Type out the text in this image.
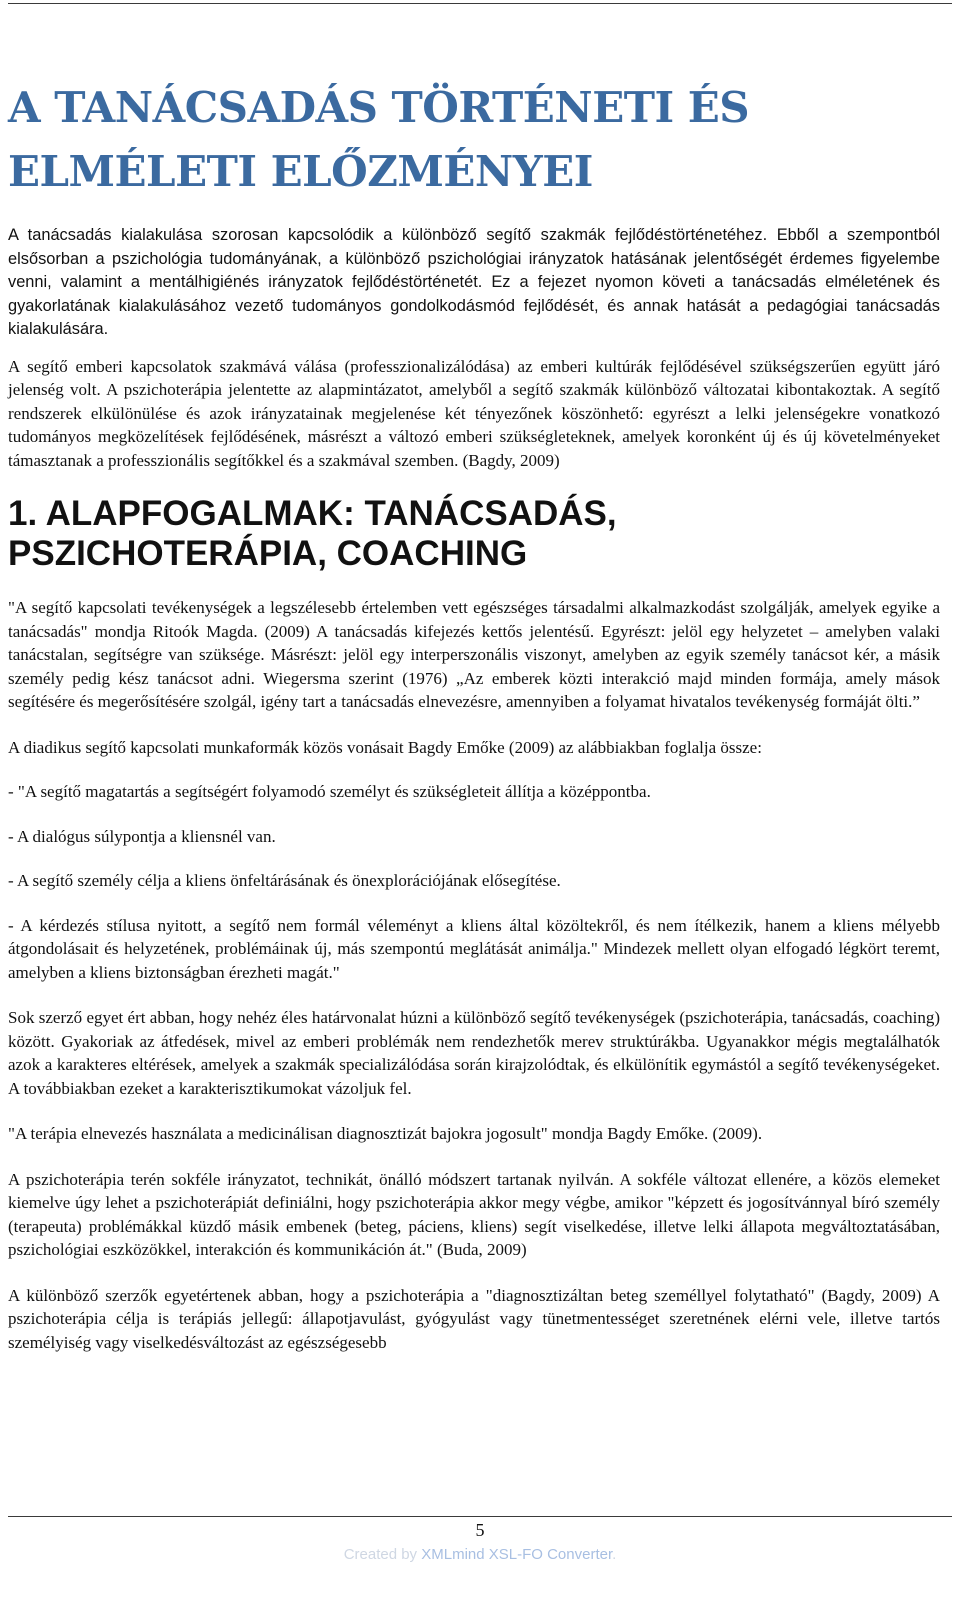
A TANÁCSADÁS TÖRTÉNETI ÉS
ELMÉLETI ELŐZMÉNYEI

A tanácsadás kialakulása szorosan kapcsolódik a különböző segítő szakmák fejlődéstörténetéhez. Ebből a szempontból elsősorban a pszichológia tudományának, a különböző pszichológiai irányzatok hatásának jelentőségét érdemes figyelembe venni, valamint a mentálhigiénés irányzatok fejlődéstörténetét. Ez a fejezet nyomon követi a tanácsadás elméletének és gyakorlatának kialakulásához vezető tudományos gondolkodásmód fejlődését, és annak hatását a pedagógiai tanácsadás kialakulására.

A segítő emberi kapcsolatok szakmává válása (professzionalizálódása) az emberi kultúrák fejlődésével szükségszerűen együtt járó jelenség volt. A pszichoterápia jelentette az alapmintázatot, amelyből a segítő szakmák különböző változatai kibontakoztak. A segítő rendszerek elkülönülése és azok irányzatainak megjelenése két tényezőnek köszönhető: egyrészt a lelki jelenségekre vonatkozó tudományos megközelítések fejlődésének, másrészt a változó emberi szükségleteknek, amelyek koronként új és új követelményeket támasztanak a professzionális segítőkkel és a szakmával szemben. (Bagdy, 2009)

1. ALAPFOGALMAK: TANÁCSADÁS,
PSZICHOTERÁPIA, COACHING

"A segítő kapcsolati tevékenységek a legszélesebb értelemben vett egészséges társadalmi alkalmazkodást szolgálják, amelyek egyike a tanácsadás" mondja Ritoók Magda. (2009) A tanácsadás kifejezés kettős jelentésű. Egyrészt: jelöl egy helyzetet – amelyben valaki tanácstalan, segítségre van szüksége. Másrészt: jelöl egy interperszonális viszonyt, amelyben az egyik személy tanácsot kér, a másik személy pedig kész tanácsot adni. Wiegersma szerint (1976) „Az emberek közti interakció majd minden formája, amely mások segítésére és megerősítésére szolgál, igény tart a tanácsadás elnevezésre, amennyiben a folyamat hivatalos tevékenység formáját ölti.”

A diadikus segítő kapcsolati munkaformák közös vonásait Bagdy Emőke (2009) az alábbiakban foglalja össze:

- "A segítő magatartás a segítségért folyamodó személyt és szükségleteit állítja a középpontba.

- A dialógus súlypontja a kliensnél van.

- A segítő személy célja a kliens önfeltárásának és önexplorációjának elősegítése.

- A kérdezés stílusa nyitott, a segítő nem formál véleményt a kliens által közöltekről, és nem ítélkezik, hanem a kliens mélyebb átgondolásait és helyzetének, problémáinak új, más szempontú meglátását animálja." Mindezek mellett olyan elfogadó légkört teremt, amelyben a kliens biztonságban érezheti magát."

Sok szerző egyet ért abban, hogy nehéz éles határvonalat húzni a különböző segítő tevékenységek (pszichoterápia, tanácsadás, coaching) között. Gyakoriak az átfedések, mivel az emberi problémák nem rendezhetők merev struktúrákba. Ugyanakkor mégis megtalálhatók azok a karakteres eltérések, amelyek a szakmák specializálódása során kirajzolódtak, és elkülönítik egymástól a segítő tevékenységeket. A továbbiakban ezeket a karakterisztikumokat vázoljuk fel.

"A terápia elnevezés használata a medicinálisan diagnosztizát bajokra jogosult" mondja Bagdy Emőke. (2009).

A pszichoterápia terén sokféle irányzatot, technikát, önálló módszert tartanak nyilván. A sokféle változat ellenére, a közös elemeket kiemelve úgy lehet a pszichoterápiát definiálni, hogy pszichoterápia akkor megy végbe, amikor "képzett és jogosítvánnyal bíró személy (terapeuta) problémákkal küzdő másik embenek (beteg, páciens, kliens) segít viselkedése, illetve lelki állapota megváltoztatásában, pszichológiai eszközökkel, interakción és kommunikáción át." (Buda, 2009)

A különböző szerzők egyetértenek abban, hogy a pszichoterápia a "diagnosztizáltan beteg személlyel folytatható" (Bagdy, 2009) A pszichoterápia célja is terápiás jellegű: állapotjavulást, gyógyulást vagy tünetmentességet szeretnének elérni vele, illetve tartós személyiség vagy viselkedésváltozást az egészségesebb

5
Created by XMLmind XSL-FO Converter.
